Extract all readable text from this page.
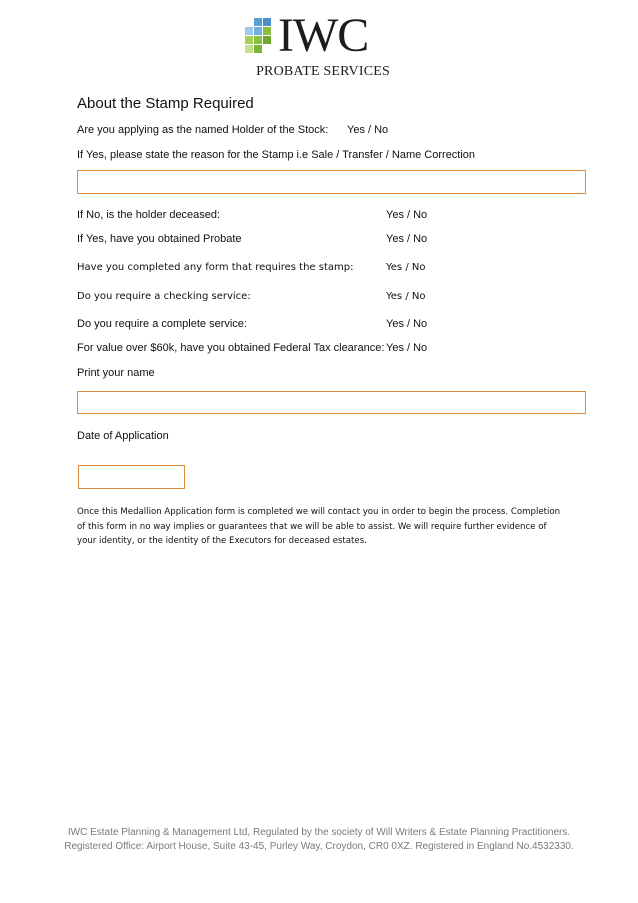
IWC
PROBATE SERVICES
About the Stamp Required
Are you applying as the named Holder of the Stock: Yes / No
If Yes, please state the reason for the Stamp i.e Sale / Transfer / Name Correction
If No, is the holder deceased:	Yes / No
If Yes, have you obtained Probate	Yes / No
Have you completed any form that requires the stamp:	Yes / No
Do you require a checking service:	Yes / No
Do you require a complete service:	Yes / No
For value over $60k, have you obtained Federal Tax clearance: Yes / No
Print your name
Date of Application
Once this Medallion Application form is completed we will contact you in order to begin the process. Completion of this form in no way implies or guarantees that we will be able to assist. We will require further evidence of your identity, or the identity of the Executors for deceased estates.
IWC Estate Planning & Management Ltd, Regulated by the society of Will Writers & Estate Planning Practitioners.
Registered Office: Airport House, Suite 43-45, Purley Way, Croydon, CR0 0XZ. Registered in England No.4532330.
